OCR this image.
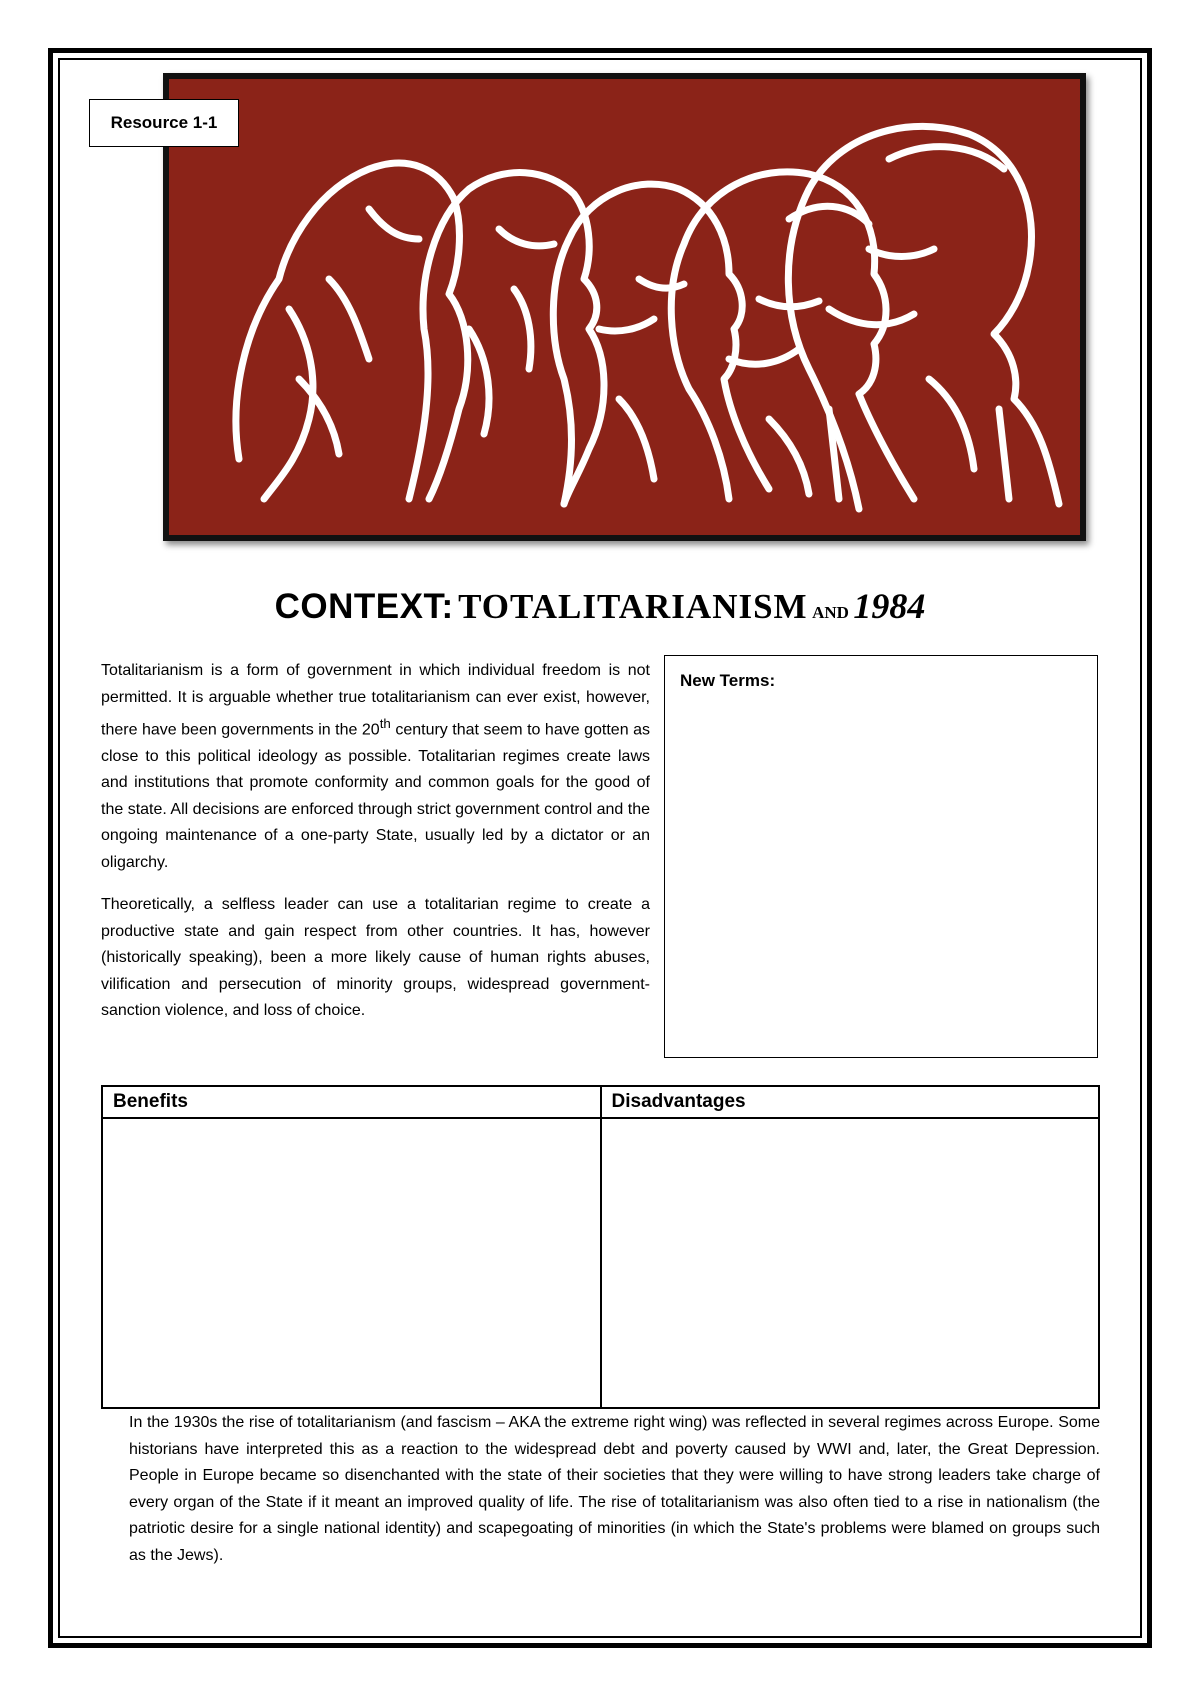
Resource 1-1
CONTEXT: TOTALITARIANISM and 1984

Totalitarianism is a form of government in which individual freedom is not permitted. It is arguable whether true totalitarianism can ever exist, however, there have been governments in the 20th century that seem to have gotten as close to this political ideology as possible. Totalitarian regimes create laws and institutions that promote conformity and common goals for the good of the state. All decisions are enforced through strict government control and the ongoing maintenance of a one-party State, usually led by a dictator or an oligarchy.

Theoretically, a selfless leader can use a totalitarian regime to create a productive state and gain respect from other countries. It has, however (historically speaking), been a more likely cause of human rights abuses, vilification and persecution of minority groups, widespread government-sanction violence, and loss of choice.

New Terms:
Benefits	Disadvantages

In the 1930s the rise of totalitarianism (and fascism – AKA the extreme right wing) was reflected in several regimes across Europe. Some historians have interpreted this as a reaction to the widespread debt and poverty caused by WWI and, later, the Great Depression. People in Europe became so disenchanted with the state of their societies that they were willing to have strong leaders take charge of every organ of the State if it meant an improved quality of life. The rise of totalitarianism was also often tied to a rise in nationalism (the patriotic desire for a single national identity) and scapegoating of minorities (in which the State's problems were blamed on groups such as the Jews).
